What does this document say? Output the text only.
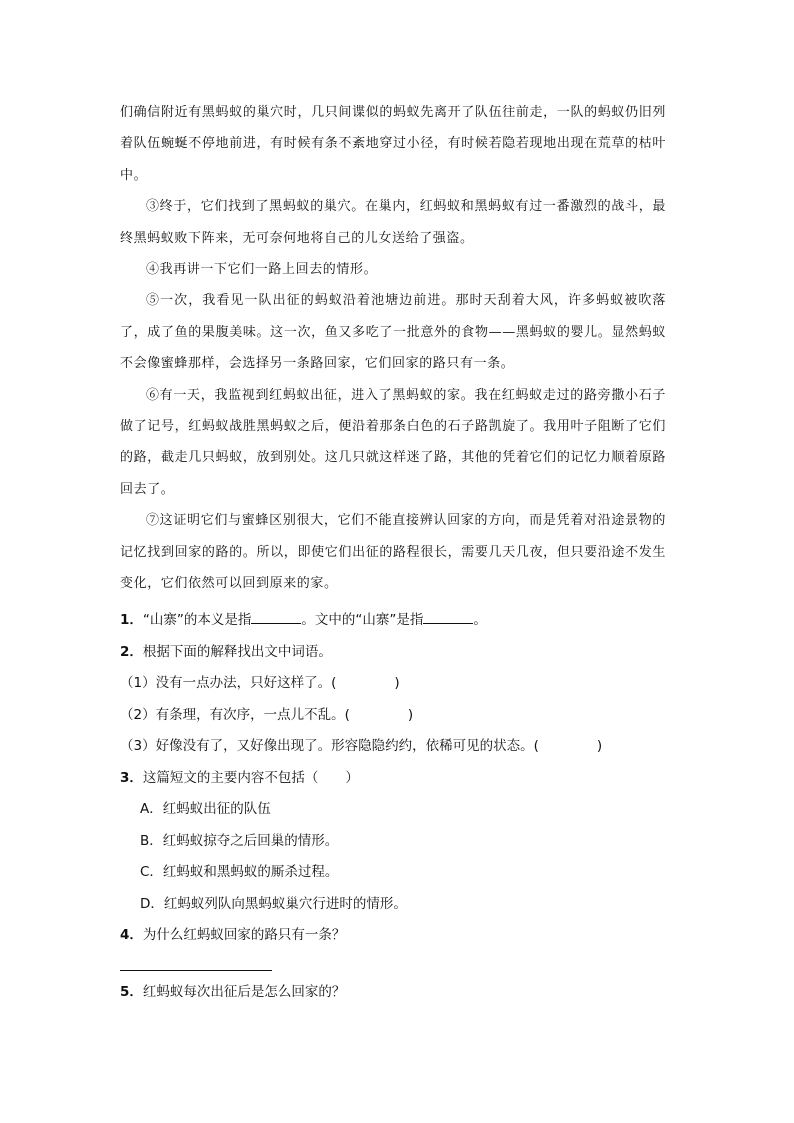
们确信附近有黑蚂蚁的巢穴时，几只间谍似的蚂蚁先离开了队伍往前走，一队的蚂蚁仍旧列着队伍蜿蜒不停地前进，有时候有条不紊地穿过小径，有时候若隐若现地出现在荒草的枯叶中。

③终于，它们找到了黑蚂蚁的巢穴。在巢内，红蚂蚁和黑蚂蚁有过一番激烈的战斗，最终黑蚂蚁败下阵来，无可奈何地将自己的儿女送给了强盗。

④我再讲一下它们一路上回去的情形。

⑤一次，我看见一队出征的蚂蚁沿着池塘边前进。那时天刮着大风，许多蚂蚁被吹落了，成了鱼的果腹美味。这一次，鱼又多吃了一批意外的食物——黑蚂蚁的婴儿。显然蚂蚁不会像蜜蜂那样，会选择另一条路回家，它们回家的路只有一条。

⑥有一天，我监视到红蚂蚁出征，进入了黑蚂蚁的家。我在红蚂蚁走过的路旁撒小石子做了记号，红蚂蚁战胜黑蚂蚁之后，便沿着那条白色的石子路凯旋了。我用叶子阻断了它们的路，截走几只蚂蚁，放到别处。这几只就这样迷了路，其他的凭着它们的记忆力顺着原路回去了。

⑦这证明它们与蜜蜂区别很大，它们不能直接辨认回家的方向，而是凭着对沿途景物的记忆找到回家的路的。所以，即使它们出征的路程很长，需要几天几夜，但只要沿途不发生变化，它们依然可以回到原来的家。

1．“山寨”的本义是指	。文中的“山寨”是指	。

2．根据下面的解释找出文中词语。

（1）没有一点办法，只好这样了。(	)

（2）有条理，有次序，一点儿不乱。(	)

（3）好像没有了，又好像出现了。形容隐隐约约，依稀可见的状态。(	)

3．这篇短文的主要内容不包括（　　）

A．红蚂蚁出征的队伍

B．红蚂蚁掠夺之后回巢的情形。

C．红蚂蚁和黑蚂蚁的厮杀过程。

D．红蚂蚁列队向黑蚂蚁巢穴行进时的情形。

4．为什么红蚂蚁回家的路只有一条？

5．红蚂蚁每次出征后是怎么回家的？
